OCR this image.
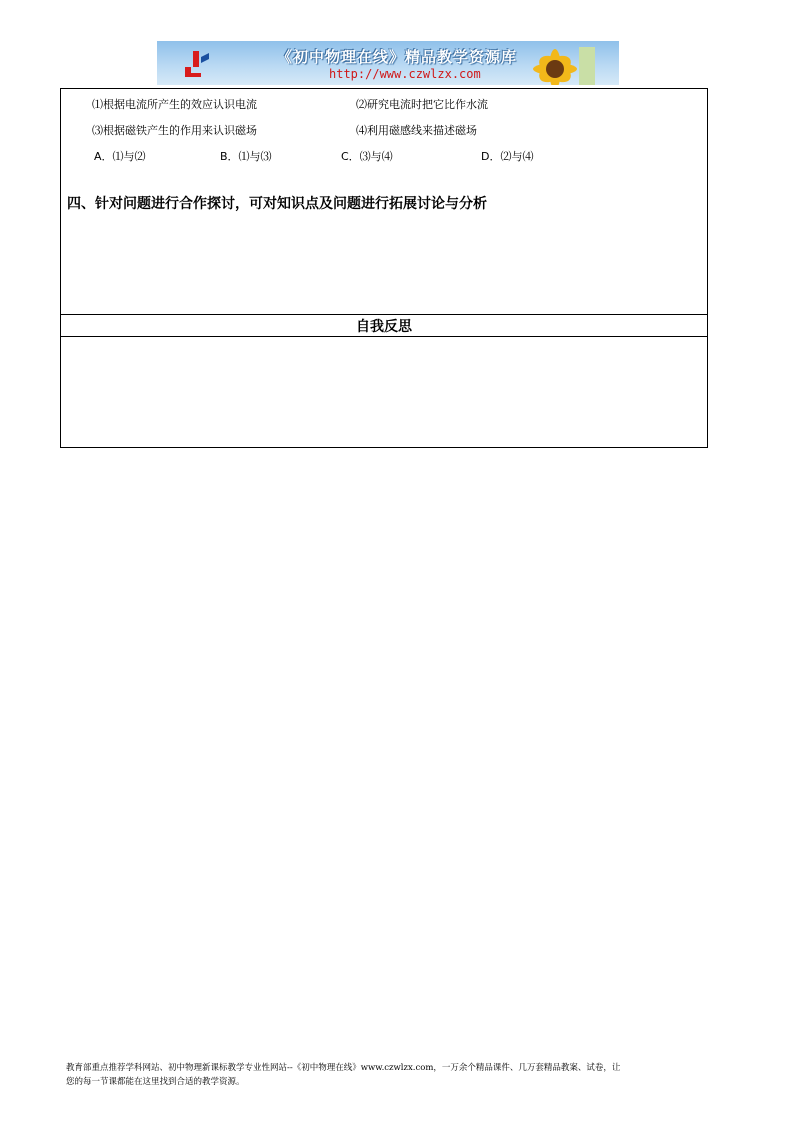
《初中物理在线》精品教学资源库
http://www.czwlzx.com
⑴根据电流所产生的效应认识电流	⑵研究电流时把它比作水流
⑶根据磁铁产生的作用来认识磁场	⑷利用磁感线来描述磁场
A．⑴与⑵	B．⑴与⑶	C．⑶与⑷	D．⑵与⑷
四、针对问题进行合作探讨，可对知识点及问题进行拓展讨论与分析
自我反思
教育部重点推荐学科网站、初中物理新课标教学专业性网站--《初中物理在线》www.czwlzx.com，一万余个精品课件、几万套精品教案、试卷，让
您的每一节课都能在这里找到合适的教学资源。
